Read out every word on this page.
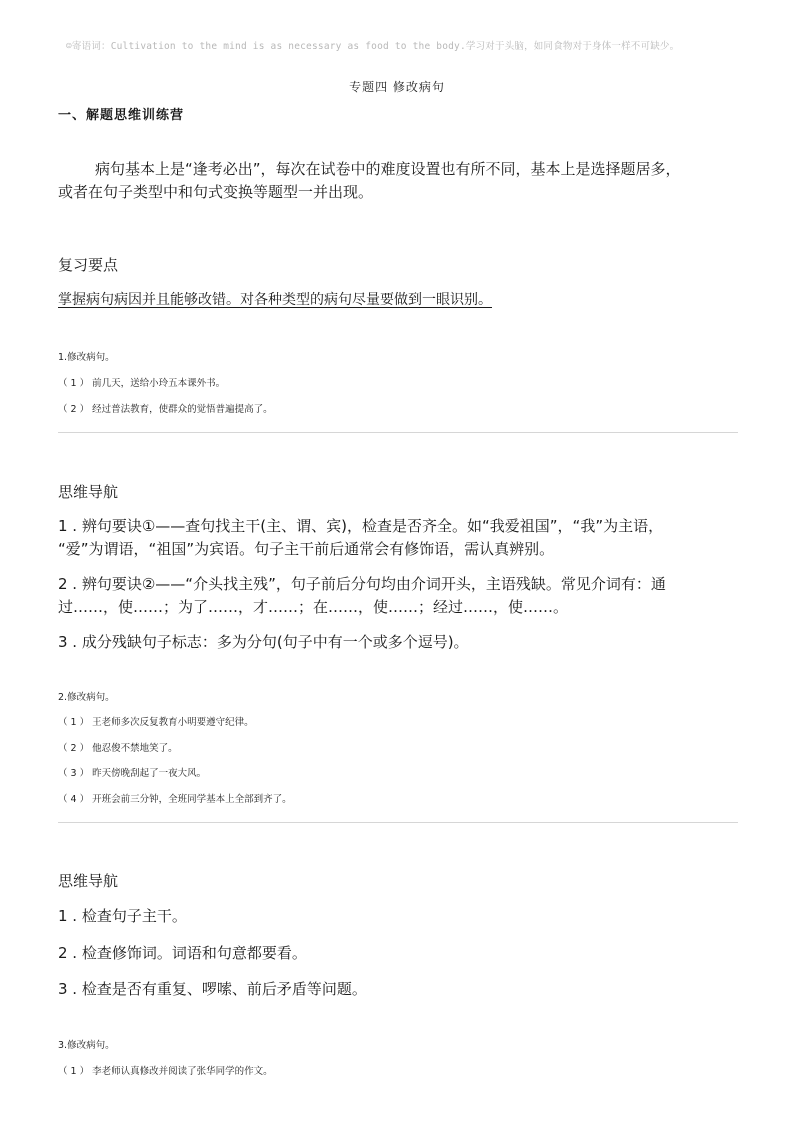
☺寄语词：Cultivation to the mind is as necessary as food to the body.学习对于头脑，如同食物对于身体一样不可缺少。
专题四 修改病句
一、解题思维训练营
病句基本上是“逢考必出”，每次在试卷中的难度设置也有所不同，基本上是选择题居多，
或者在句子类型中和句式变换等题型一并出现。
复习要点
掌握病句病因并且能够改错。对各种类型的病句尽量要做到一眼识别。
1.修改病句。
（ 1 ） 前几天，送给小玲五本课外书。
（ 2 ） 经过普法教育，使群众的觉悟普遍提高了。
思维导航
1 . 辨句要诀①——查句找主干(主、谓、宾)，检查是否齐全。如“我爱祖国”，“我”为主语，
“爱”为谓语，“祖国”为宾语。句子主干前后通常会有修饰语，需认真辨别。
2 . 辨句要诀②——“介头找主残”，句子前后分句均由介词开头，主语残缺。常见介词有：通
过……，使……；为了……，才……；在……，使……；经过……，使……。
3 . 成分残缺句子标志：多为分句(句子中有一个或多个逗号)。
2.修改病句。
（ 1 ） 王老师多次反复教育小明要遵守纪律。
（ 2 ） 他忍俊不禁地笑了。
（ 3 ） 昨天傍晚刮起了一夜大风。
（ 4 ） 开班会前三分钟，全班同学基本上全部到齐了。
思维导航
1 . 检查句子主干。
2 . 检查修饰词。词语和句意都要看。
3 . 检查是否有重复、啰嗦、前后矛盾等问题。
3.修改病句。
（ 1 ） 李老师认真修改并阅读了张华同学的作文。
